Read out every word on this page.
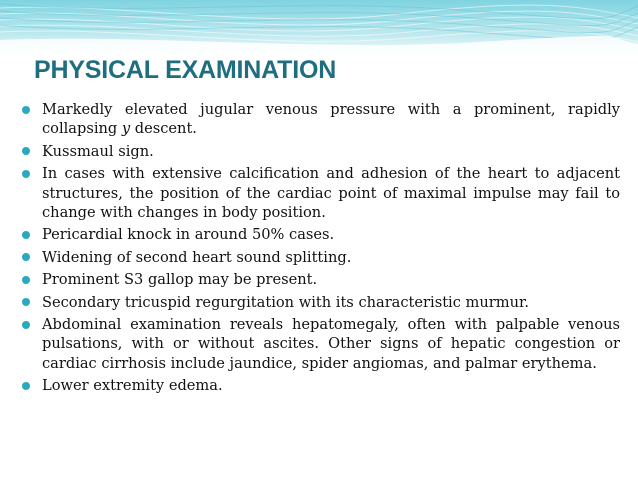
PHYSICAL EXAMINATION
Markedly elevated jugular venous pressure with a prominent, rapidly collapsing y descent.
Kussmaul sign.
In cases with extensive calcification and adhesion of the heart to adjacent structures, the position of the cardiac point of maximal impulse may fail to change with changes in body position.
Pericardial knock in around 50% cases.
Widening of second heart sound splitting.
Prominent S3 gallop may be present.
Secondary tricuspid regurgitation with its characteristic murmur.
Abdominal examination reveals hepatomegaly, often with palpable venous pulsations, with or without ascites. Other signs of hepatic congestion or cardiac cirrhosis include jaundice, spider angiomas, and palmar erythema.
Lower extremity edema.
